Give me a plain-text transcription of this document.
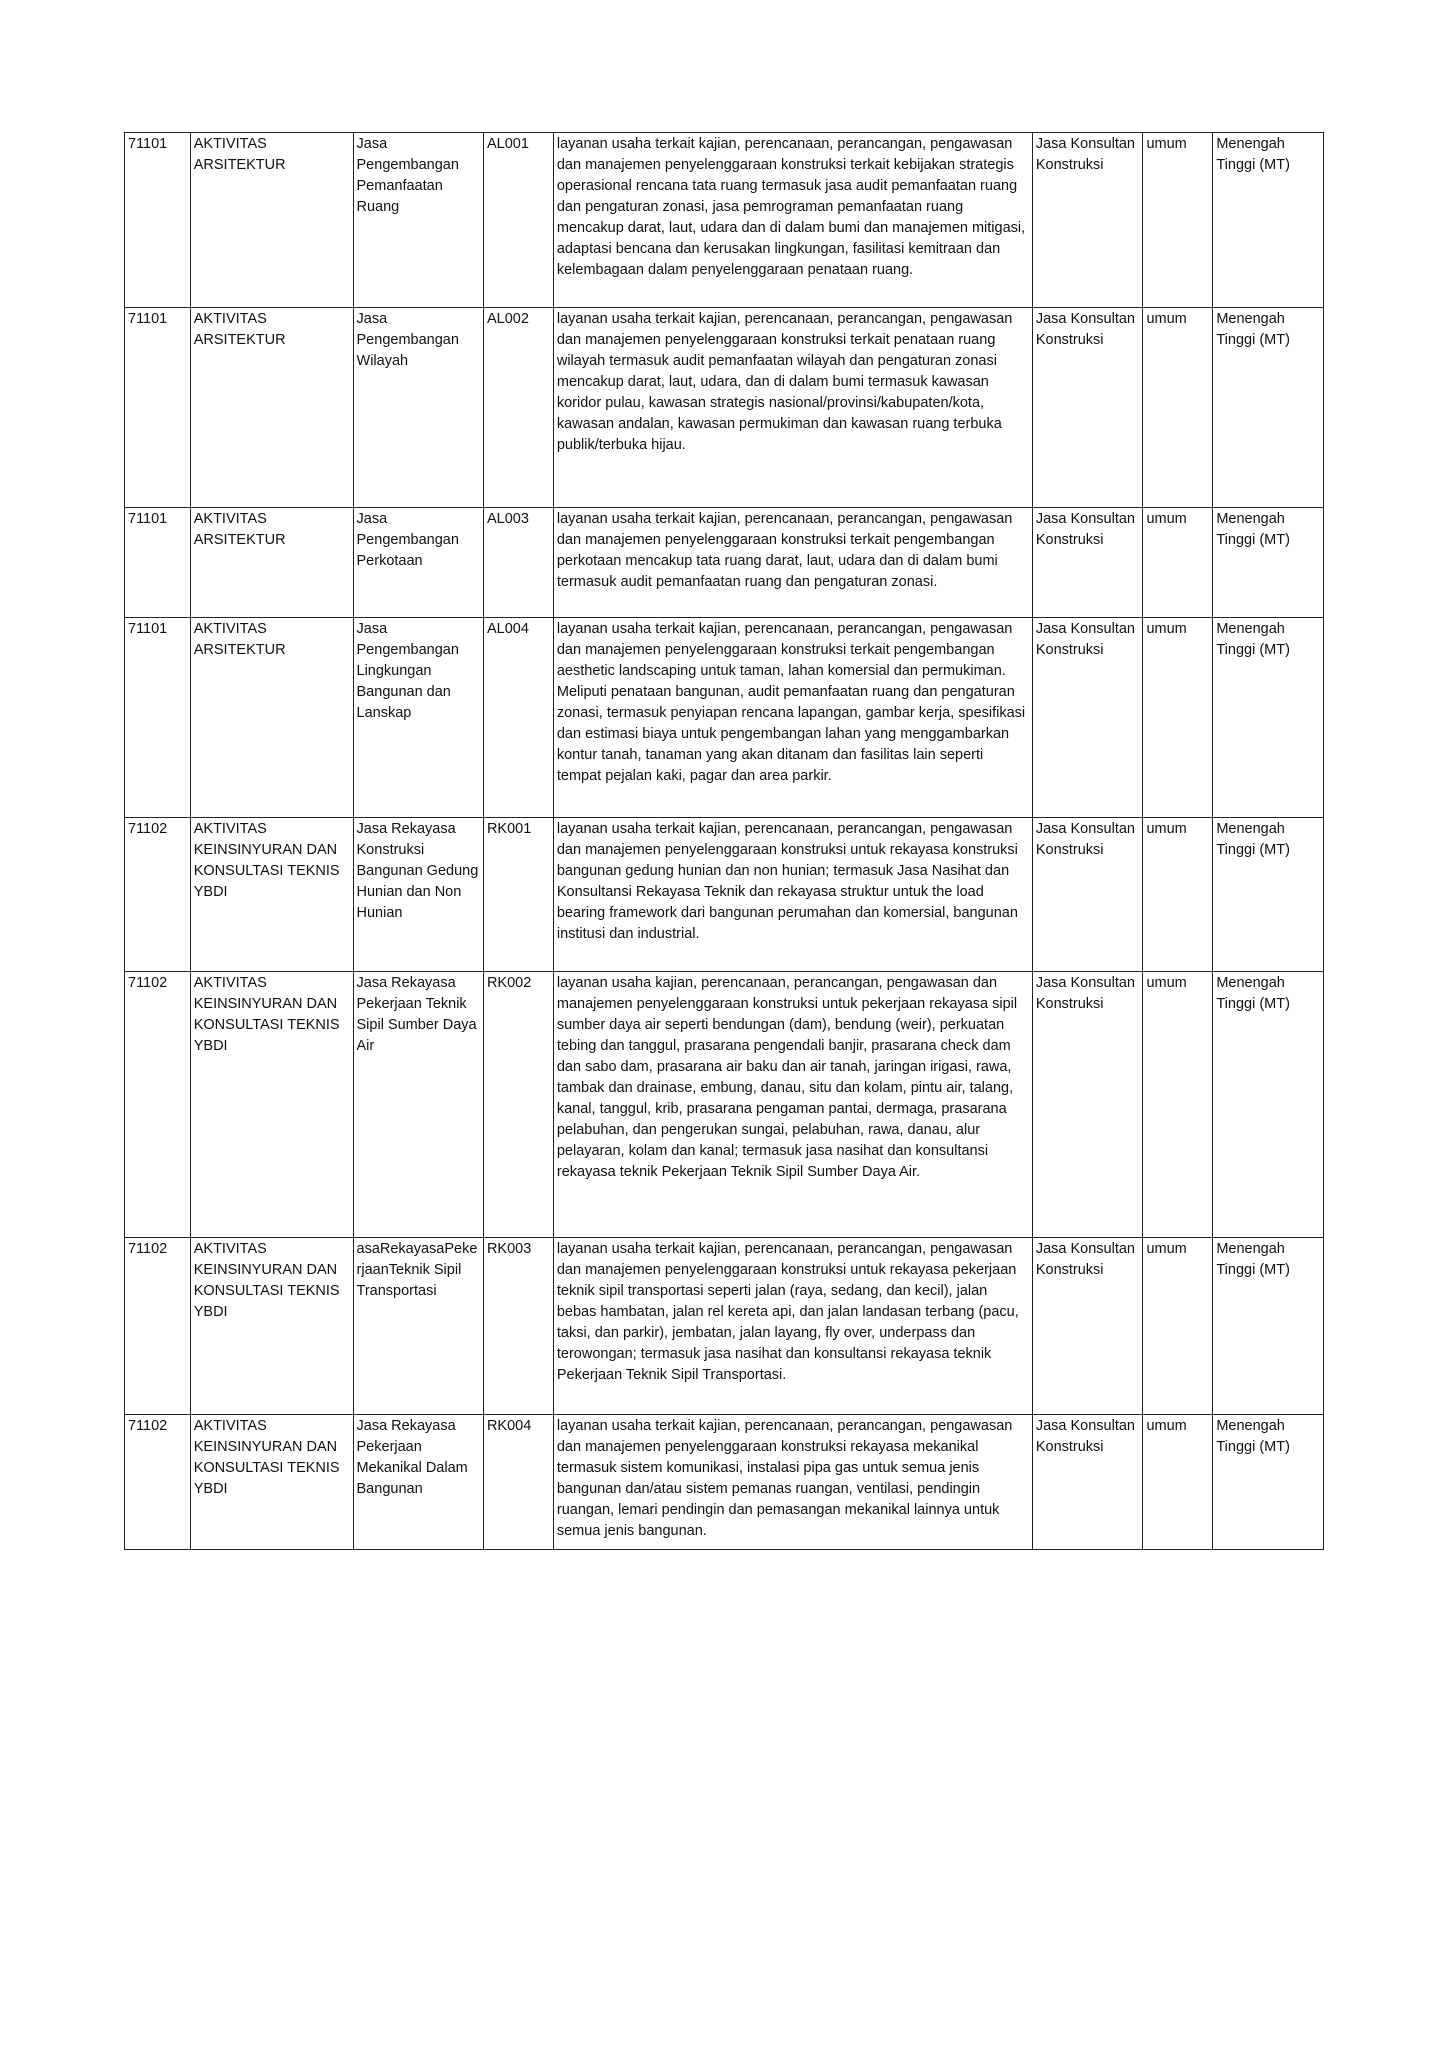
71101	AKTIVITAS ARSITEKTUR	Jasa Pengembangan Pemanfaatan Ruang	AL001	layanan usaha terkait kajian, perencanaan, perancangan, pengawasan dan manajemen penyelenggaraan konstruksi terkait kebijakan strategis operasional rencana tata ruang termasuk jasa audit pemanfaatan ruang dan pengaturan zonasi, jasa pemrograman pemanfaatan ruang mencakup darat, laut, udara dan di dalam bumi dan manajemen mitigasi, adaptasi bencana dan kerusakan lingkungan, fasilitasi kemitraan dan kelembagaan dalam penyelenggaraan penataan ruang.	Jasa Konsultan Konstruksi	umum	Menengah Tinggi (MT)
71101	AKTIVITAS ARSITEKTUR	Jasa Pengembangan Wilayah	AL002	layanan usaha terkait kajian, perencanaan, perancangan, pengawasan dan manajemen penyelenggaraan konstruksi terkait penataan ruang wilayah termasuk audit pemanfaatan wilayah dan pengaturan zonasi mencakup darat, laut, udara, dan di dalam bumi termasuk kawasan koridor pulau, kawasan strategis nasional/provinsi/kabupaten/kota, kawasan andalan, kawasan permukiman dan kawasan ruang terbuka publik/terbuka hijau.	Jasa Konsultan Konstruksi	umum	Menengah Tinggi (MT)
71101	AKTIVITAS ARSITEKTUR	Jasa Pengembangan Perkotaan	AL003	layanan usaha terkait kajian, perencanaan, perancangan, pengawasan dan manajemen penyelenggaraan konstruksi terkait pengembangan perkotaan mencakup tata ruang darat, laut, udara dan di dalam bumi termasuk audit pemanfaatan ruang dan pengaturan zonasi.	Jasa Konsultan Konstruksi	umum	Menengah Tinggi (MT)
71101	AKTIVITAS ARSITEKTUR	Jasa Pengembangan Lingkungan Bangunan dan Lanskap	AL004	layanan usaha terkait kajian, perencanaan, perancangan, pengawasan dan manajemen penyelenggaraan konstruksi terkait pengembangan aesthetic landscaping untuk taman, lahan komersial dan permukiman. Meliputi penataan bangunan, audit pemanfaatan ruang dan pengaturan zonasi, termasuk penyiapan rencana lapangan, gambar kerja, spesifikasi dan estimasi biaya untuk pengembangan lahan yang menggambarkan kontur tanah, tanaman yang akan ditanam dan fasilitas lain seperti tempat pejalan kaki, pagar dan area parkir.	Jasa Konsultan Konstruksi	umum	Menengah Tinggi (MT)
71102	AKTIVITAS KEINSINYURAN DAN KONSULTASI TEKNIS YBDI	Jasa Rekayasa Konstruksi Bangunan Gedung Hunian dan Non Hunian	RK001	layanan usaha terkait kajian, perencanaan, perancangan, pengawasan dan manajemen penyelenggaraan konstruksi untuk rekayasa konstruksi bangunan gedung hunian dan non hunian; termasuk Jasa Nasihat dan Konsultansi Rekayasa Teknik dan rekayasa struktur untuk the load bearing framework dari bangunan perumahan dan komersial, bangunan institusi dan industrial.	Jasa Konsultan Konstruksi	umum	Menengah Tinggi (MT)
71102	AKTIVITAS KEINSINYURAN DAN KONSULTASI TEKNIS YBDI	Jasa Rekayasa Pekerjaan Teknik Sipil Sumber Daya Air	RK002	layanan usaha kajian, perencanaan, perancangan, pengawasan dan manajemen penyelenggaraan konstruksi untuk pekerjaan rekayasa sipil sumber daya air seperti bendungan (dam), bendung (weir), perkuatan tebing dan tanggul, prasarana pengendali banjir, prasarana check dam dan sabo dam, prasarana air baku dan air tanah, jaringan irigasi, rawa, tambak dan drainase, embung, danau, situ dan kolam, pintu air, talang, kanal, tanggul, krib, prasarana pengaman pantai, dermaga, prasarana pelabuhan, dan pengerukan sungai, pelabuhan, rawa, danau, alur pelayaran, kolam dan kanal; termasuk jasa nasihat dan konsultansi rekayasa teknik Pekerjaan Teknik Sipil Sumber Daya Air.	Jasa Konsultan Konstruksi	umum	Menengah Tinggi (MT)
71102	AKTIVITAS KEINSINYURAN DAN KONSULTASI TEKNIS YBDI	asaRekayasaPekerjaanTeknik Sipil Transportasi	RK003	layanan usaha terkait kajian, perencanaan, perancangan, pengawasan dan manajemen penyelenggaraan konstruksi untuk rekayasa pekerjaan teknik sipil transportasi seperti jalan (raya, sedang, dan kecil), jalan bebas hambatan, jalan rel kereta api, dan jalan landasan terbang (pacu, taksi, dan parkir), jembatan, jalan layang, fly over, underpass dan terowongan; termasuk jasa nasihat dan konsultansi rekayasa teknik Pekerjaan Teknik Sipil Transportasi.	Jasa Konsultan Konstruksi	umum	Menengah Tinggi (MT)
71102	AKTIVITAS KEINSINYURAN DAN KONSULTASI TEKNIS YBDI	Jasa Rekayasa Pekerjaan Mekanikal Dalam Bangunan	RK004	layanan usaha terkait kajian, perencanaan, perancangan, pengawasan dan manajemen penyelenggaraan konstruksi rekayasa mekanikal termasuk sistem komunikasi, instalasi pipa gas untuk semua jenis bangunan dan/atau sistem pemanas ruangan, ventilasi, pendingin ruangan, lemari pendingin dan pemasangan mekanikal lainnya untuk semua jenis bangunan.	Jasa Konsultan Konstruksi	umum	Menengah Tinggi (MT)
